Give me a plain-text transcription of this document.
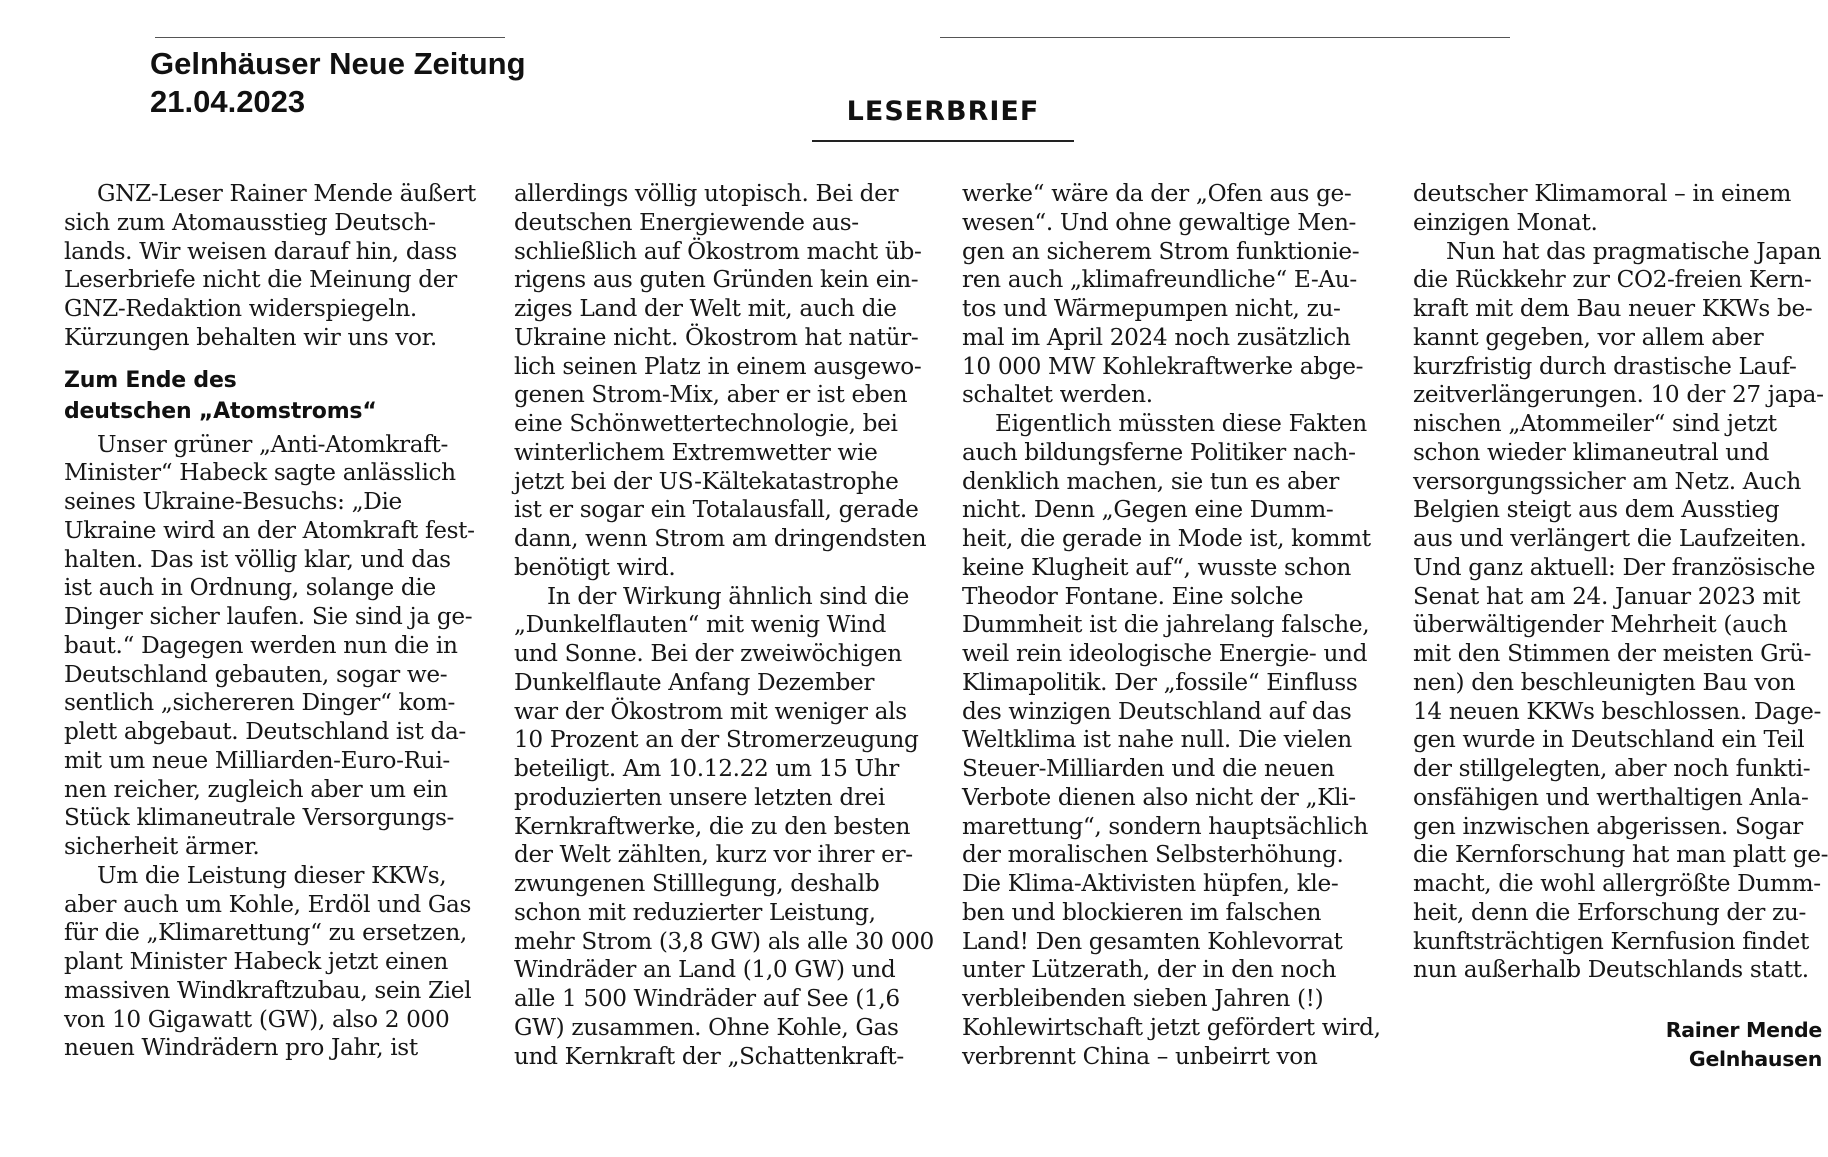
Gelnhäuser Neue Zeitung
21.04.2023	LESERBRIEF

GNZ-Leser Rainer Mende äußert
sich zum Atomausstieg Deutsch-
lands. Wir weisen darauf hin, dass
Leserbriefe nicht die Meinung der
GNZ-Redaktion widerspiegeln.
Kürzungen behalten wir uns vor.

Zum Ende des
deutschen „Atomstroms“

Unser grüner „Anti-Atomkraft-
Minister“ Habeck sagte anlässlich
seines Ukraine-Besuchs: „Die
Ukraine wird an der Atomkraft fest-
halten. Das ist völlig klar, und das
ist auch in Ordnung, solange die
Dinger sicher laufen. Sie sind ja ge-
baut.“ Dagegen werden nun die in
Deutschland gebauten, sogar we-
sentlich „sichereren Dinger“ kom-
plett abgebaut. Deutschland ist da-
mit um neue Milliarden-Euro-Rui-
nen reicher, zugleich aber um ein
Stück klimaneutrale Versorgungs-
sicherheit ärmer.

Um die Leistung dieser KKWs,
aber auch um Kohle, Erdöl und Gas
für die „Klimarettung“ zu ersetzen,
plant Minister Habeck jetzt einen
massiven Windkraftzubau, sein Ziel
von 10 Gigawatt (GW), also 2 000
neuen Windrädern pro Jahr, ist

allerdings völlig utopisch. Bei der
deutschen Energiewende aus-
schließlich auf Ökostrom macht üb-
rigens aus guten Gründen kein ein-
ziges Land der Welt mit, auch die
Ukraine nicht. Ökostrom hat natür-
lich seinen Platz in einem ausgewo-
genen Strom-Mix, aber er ist eben
eine Schönwettertechnologie, bei
winterlichem Extremwetter wie
jetzt bei der US-Kältekatastrophe
ist er sogar ein Totalausfall, gerade
dann, wenn Strom am dringendsten
benötigt wird.

In der Wirkung ähnlich sind die
„Dunkelflauten“ mit wenig Wind
und Sonne. Bei der zweiwöchigen
Dunkelflaute Anfang Dezember
war der Ökostrom mit weniger als
10 Prozent an der Stromerzeugung
beteiligt. Am 10.12.22 um 15 Uhr
produzierten unsere letzten drei
Kernkraftwerke, die zu den besten
der Welt zählten, kurz vor ihrer er-
zwungenen Stilllegung, deshalb
schon mit reduzierter Leistung,
mehr Strom (3,8 GW) als alle 30 000
Windräder an Land (1,0 GW) und
alle 1 500 Windräder auf See (1,6
GW) zusammen. Ohne Kohle, Gas
und Kernkraft der „Schattenkraft-

werke“ wäre da der „Ofen aus ge-
wesen“. Und ohne gewaltige Men-
gen an sicherem Strom funktionie-
ren auch „klimafreundliche“ E-Au-
tos und Wärmepumpen nicht, zu-
mal im April 2024 noch zusätzlich
10 000 MW Kohlekraftwerke abge-
schaltet werden.

Eigentlich müssten diese Fakten
auch bildungsferne Politiker nach-
denklich machen, sie tun es aber
nicht. Denn „Gegen eine Dumm-
heit, die gerade in Mode ist, kommt
keine Klugheit auf“, wusste schon
Theodor Fontane. Eine solche
Dummheit ist die jahrelang falsche,
weil rein ideologische Energie- und
Klimapolitik. Der „fossile“ Einfluss
des winzigen Deutschland auf das
Weltklima ist nahe null. Die vielen
Steuer-Milliarden und die neuen
Verbote dienen also nicht der „Kli-
marettung“, sondern hauptsächlich
der moralischen Selbsterhöhung.
Die Klima-Aktivisten hüpfen, kle-
ben und blockieren im falschen
Land! Den gesamten Kohlevorrat
unter Lützerath, der in den noch
verbleibenden sieben Jahren (!)
Kohlewirtschaft jetzt gefördert wird,
verbrennt China – unbeirrt von

deutscher Klimamoral – in einem
einzigen Monat.

Nun hat das pragmatische Japan
die Rückkehr zur CO2-freien Kern-
kraft mit dem Bau neuer KKWs be-
kannt gegeben, vor allem aber
kurzfristig durch drastische Lauf-
zeitverlängerungen. 10 der 27 japa-
nischen „Atommeiler“ sind jetzt
schon wieder klimaneutral und
versorgungssicher am Netz. Auch
Belgien steigt aus dem Ausstieg
aus und verlängert die Laufzeiten.
Und ganz aktuell: Der französische
Senat hat am 24. Januar 2023 mit
überwältigender Mehrheit (auch
mit den Stimmen der meisten Grü-
nen) den beschleunigten Bau von
14 neuen KKWs beschlossen. Dage-
gen wurde in Deutschland ein Teil
der stillgelegten, aber noch funkti-
onsfähigen und werthaltigen Anla-
gen inzwischen abgerissen. Sogar
die Kernforschung hat man platt ge-
macht, die wohl allergrößte Dumm-
heit, denn die Erforschung der zu-
kunftsträchtigen Kernfusion findet
nun außerhalb Deutschlands statt.

Rainer Mende
Gelnhausen
